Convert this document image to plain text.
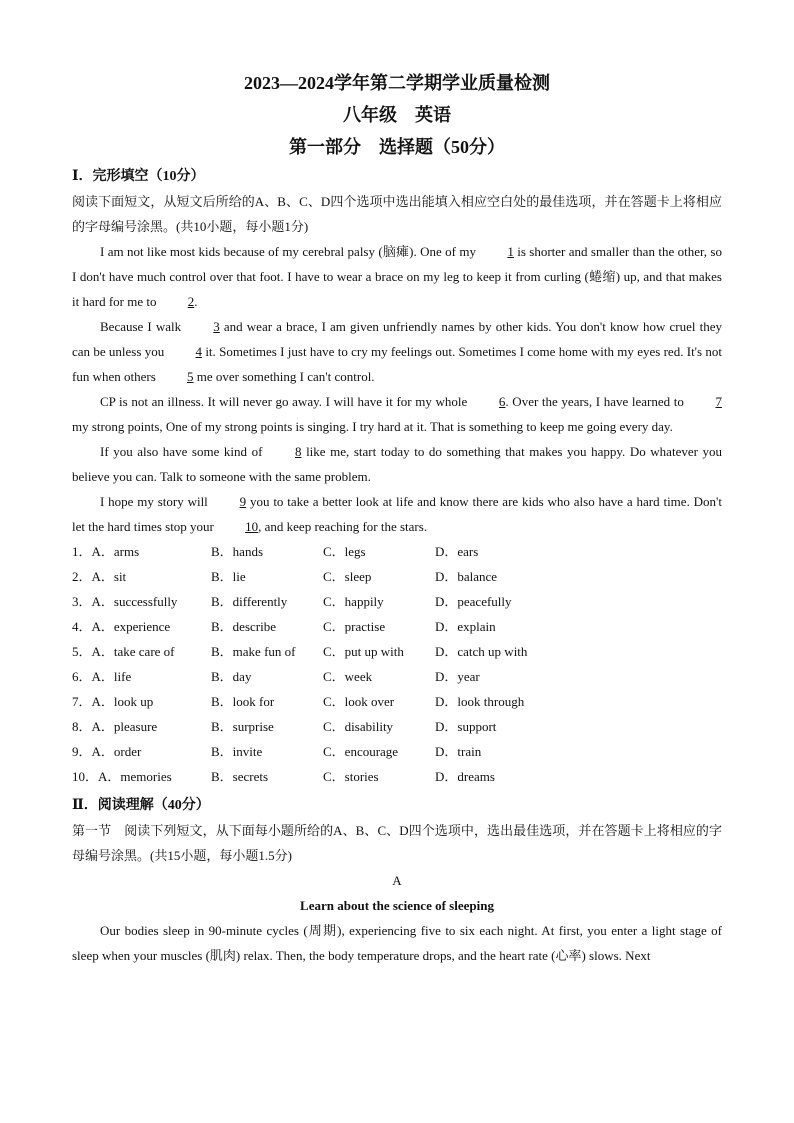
2023—2024学年第二学期学业质量检测
八年级　英语
第一部分　选择题（50分）
Ⅰ．完形填空（10分）
阅读下面短文，从短文后所给的A、B、C、D四个选项中选出能填入相应空白处的最佳选项，并在答题卡上将相应的字母编号涂黑。(共10小题，每小题1分)
I am not like most kids because of my cerebral palsy (脑瘫). One of my 1 is shorter and smaller than the other, so I don't have much control over that foot. I have to wear a brace on my leg to keep it from curling (蜷缩) up, and that makes it hard for me to 2.
Because I walk 3 and wear a brace, I am given unfriendly names by other kids. You don't know how cruel they can be unless you 4 it. Sometimes I just have to cry my feelings out. Sometimes I come home with my eyes red. It's not fun when others 5 me over something I can't control.
CP is not an illness. It will never go away. I will have it for my whole 6. Over the years, I have learned to 7 my strong points, One of my strong points is singing. I try hard at it. That is something to keep me going every day.
If you also have some kind of 8 like me, start today to do something that makes you happy. Do whatever you believe you can. Talk to someone with the same problem.
I hope my story will 9 you to take a better look at life and know there are kids who also have a hard time. Don't let the hard times stop your 10, and keep reaching for the stars.
1．A．arms	B．hands	C．legs	D．ears
2．A．sit	B．lie	C．sleep	D．balance
3．A．successfully	B．differently	C．happily	D．peacefully
4．A．experience	B．describe	C．practise	D．explain
5．A．take care of	B．make fun of	C．put up with	D．catch up with
6．A．life	B．day	C．week	D．year
7．A．look up	B．look for	C．look over	D．look through
8．A．pleasure	B．surprise	C．disability	D．support
9．A．order	B．invite	C．encourage	D．train
10．A．memories	B．secrets	C．stories	D．dreams
Ⅱ．阅读理解（40分）
第一节　阅读下列短文，从下面每小题所给的A、B、C、D四个选项中，选出最佳选项，并在答题卡上将相应的字母编号涂黑。(共15小题，每小题1.5分)
A
Learn about the science of sleeping
Our bodies sleep in 90-minute cycles (周期), experiencing five to six each night. At first, you enter a light stage of sleep when your muscles (肌肉) relax. Then, the body temperature drops, and the heart rate (心率) slows. Next
